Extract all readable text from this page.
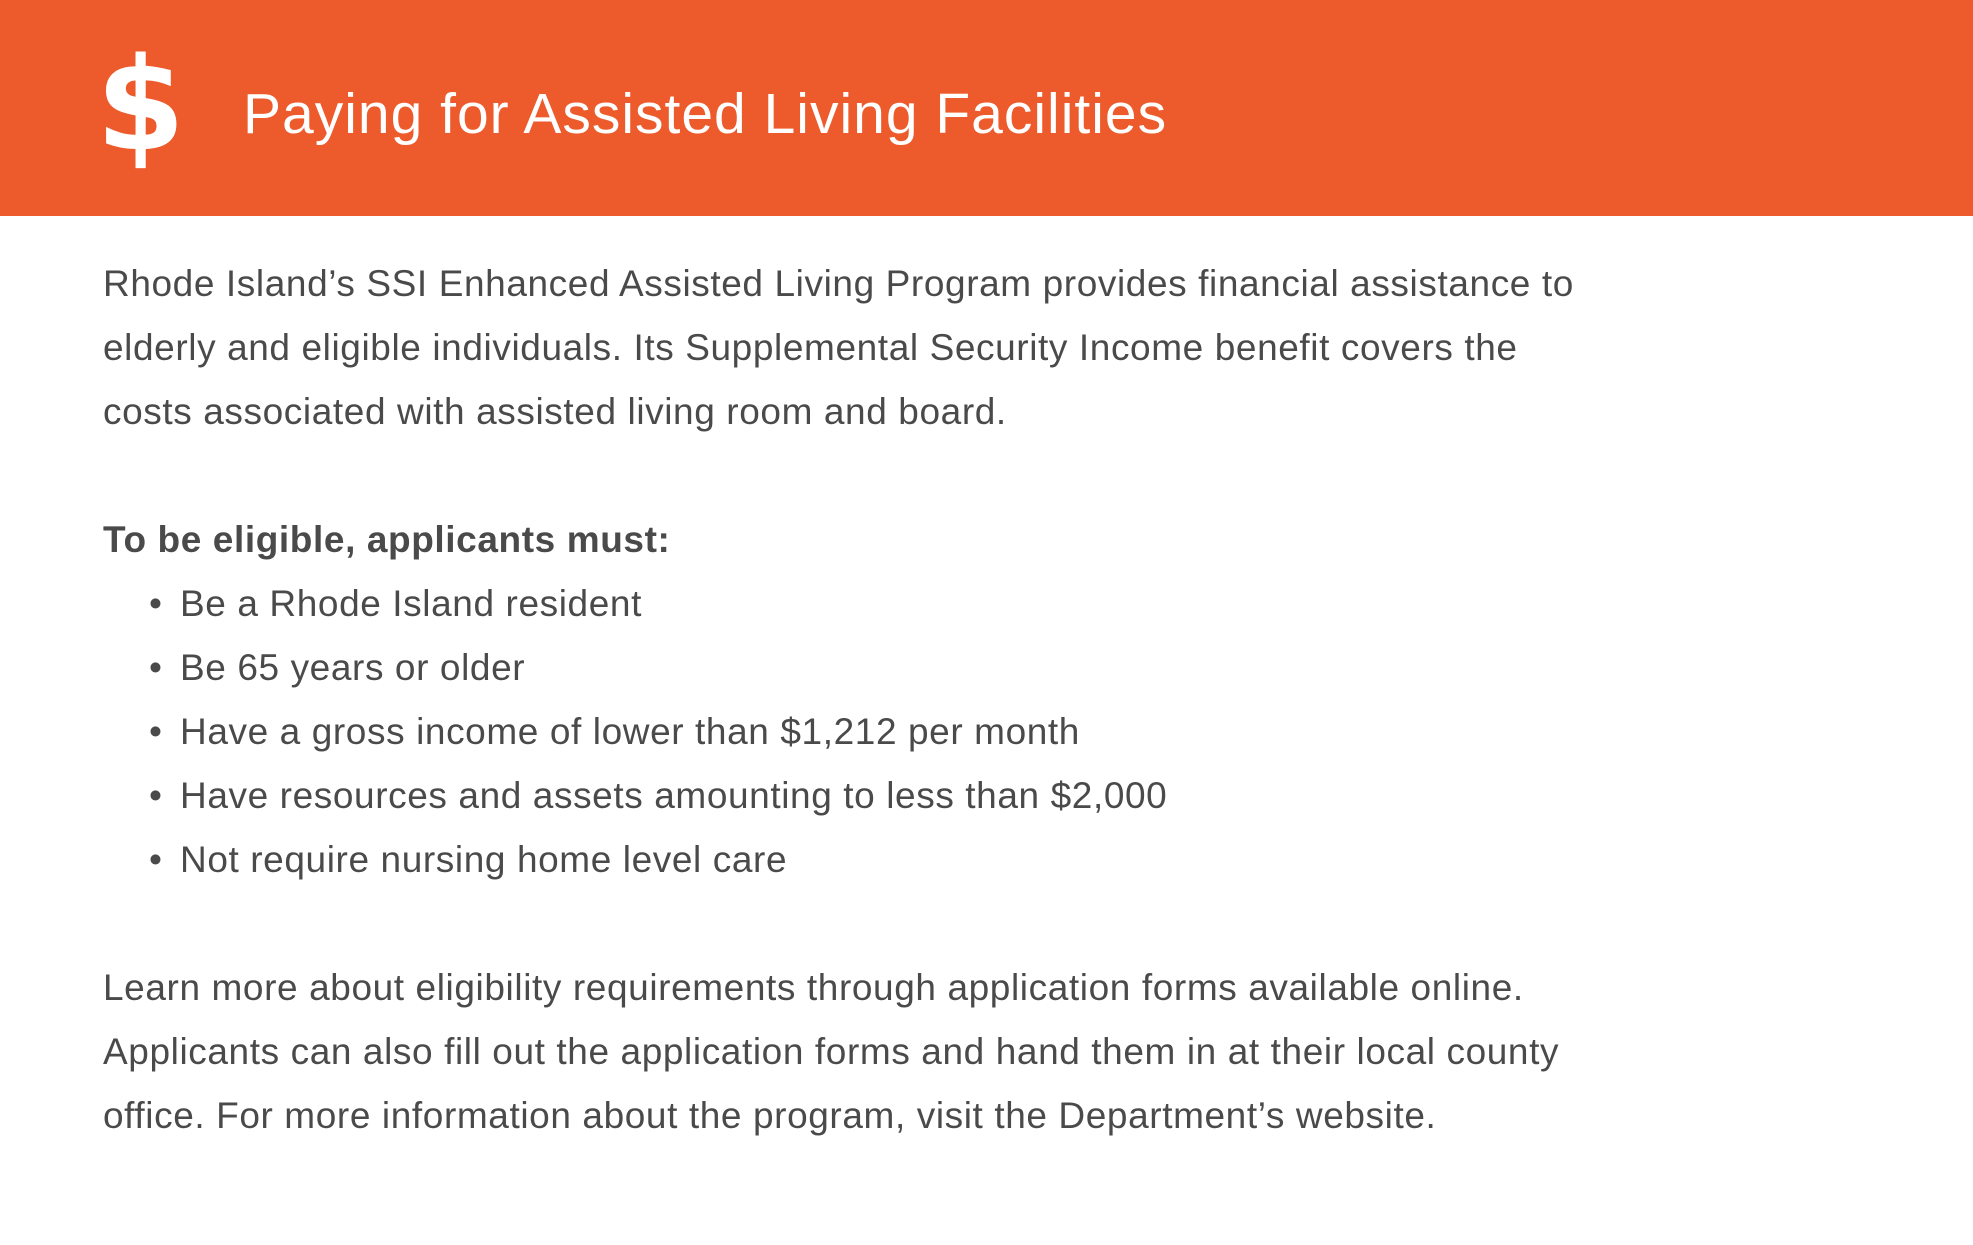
$ Paying for Assisted Living Facilities

Rhode Island’s SSI Enhanced Assisted Living Program provides financial assistance to
elderly and eligible individuals. Its Supplemental Security Income benefit covers the
costs associated with assisted living room and board.

To be eligible, applicants must:

• Be a Rhode Island resident
• Be 65 years or older
• Have a gross income of lower than $1,212 per month
• Have resources and assets amounting to less than $2,000
• Not require nursing home level care

Learn more about eligibility requirements through application forms available online.
Applicants can also fill out the application forms and hand them in at their local county
office. For more information about the program, visit the Department’s website.
